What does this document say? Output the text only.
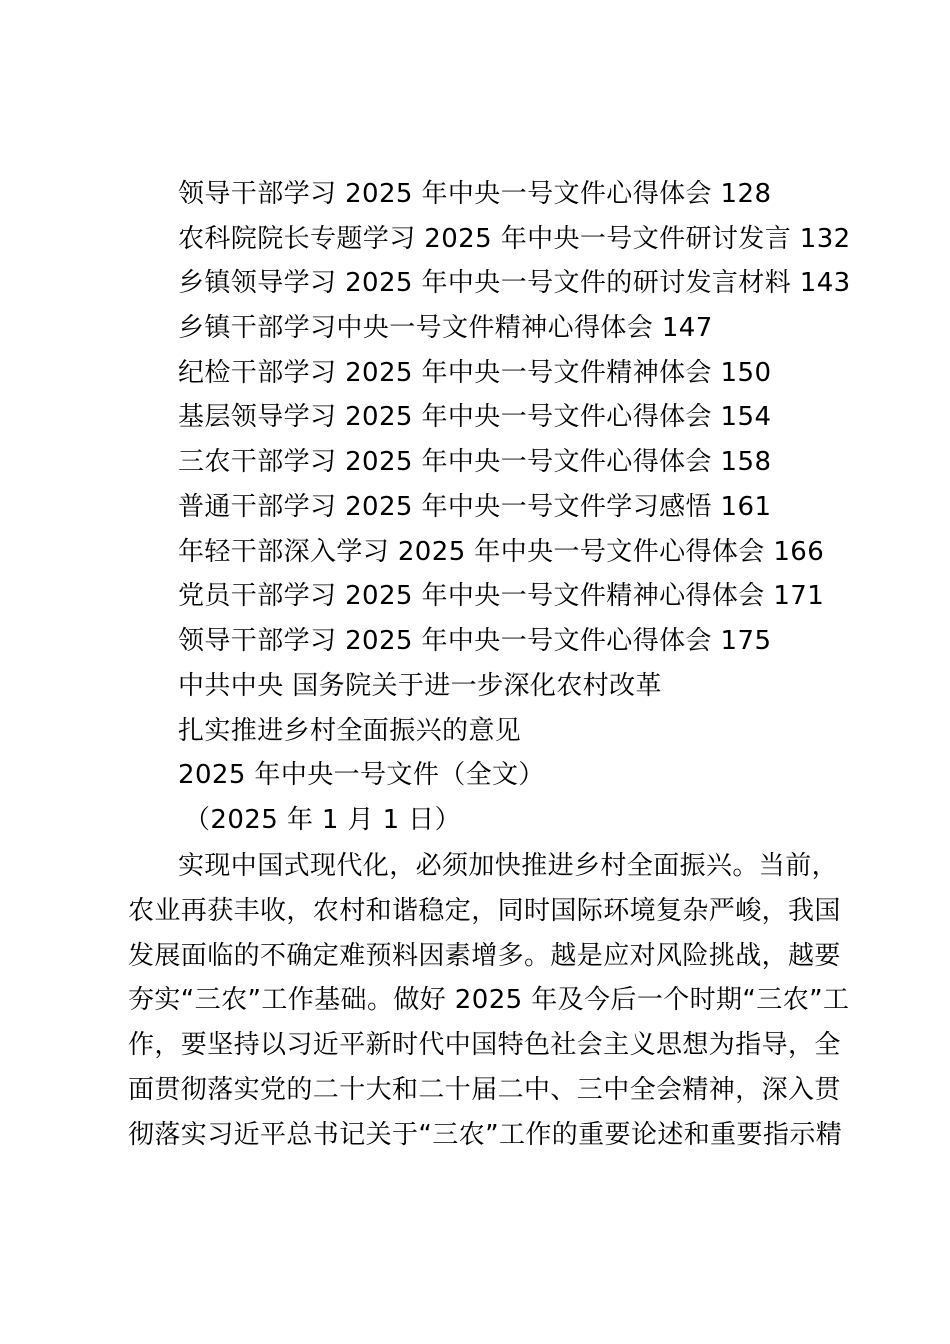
领导干部学习 2025 年中央一号文件心得体会 128
农科院院长专题学习 2025 年中央一号文件研讨发言 132
乡镇领导学习 2025 年中央一号文件的研讨发言材料 143
乡镇干部学习中央一号文件精神心得体会 147
纪检干部学习 2025 年中央一号文件精神体会 150
基层领导学习 2025 年中央一号文件心得体会 154
三农干部学习 2025 年中央一号文件心得体会 158
普通干部学习 2025 年中央一号文件学习感悟 161
年轻干部深入学习 2025 年中央一号文件心得体会 166
党员干部学习 2025 年中央一号文件精神心得体会 171
领导干部学习 2025 年中央一号文件心得体会 175
中共中央 国务院关于进一步深化农村改革
扎实推进乡村全面振兴的意见
2025 年中央一号文件（全文）
（2025 年 1 月 1 日）
实现中国式现代化，必须加快推进乡村全面振兴。当前，
农业再获丰收，农村和谐稳定，同时国际环境复杂严峻，我国
发展面临的不确定难预料因素增多。越是应对风险挑战，越要
夯实“三农”工作基础。做好 2025 年及今后一个时期“三农”工
作，要坚持以习近平新时代中国特色社会主义思想为指导，全
面贯彻落实党的二十大和二十届二中、三中全会精神，深入贯
彻落实习近平总书记关于“三农”工作的重要论述和重要指示精
